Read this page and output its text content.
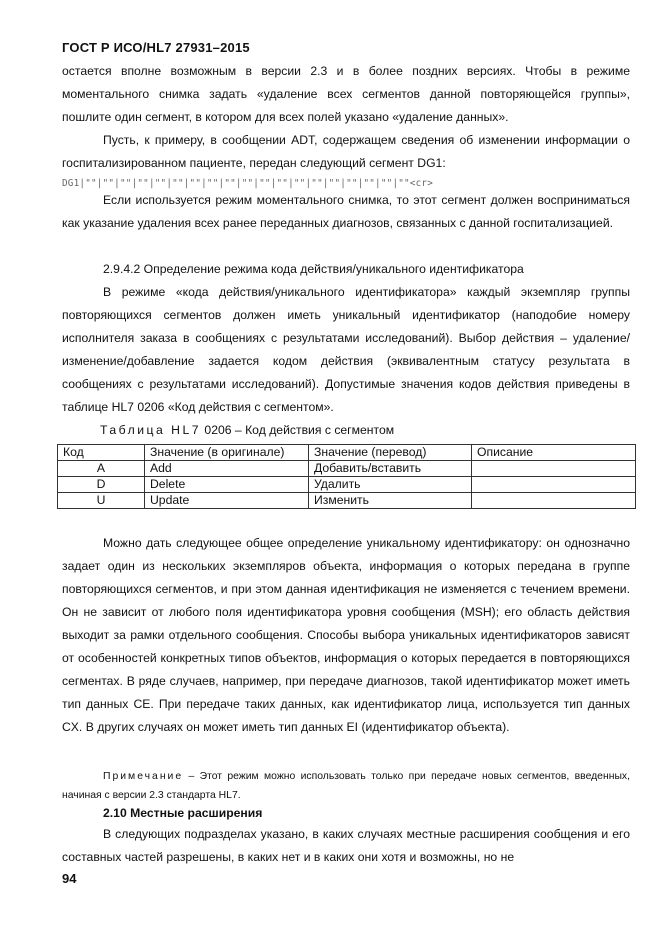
ГОСТ Р ИСО/HL7 27931–2015
остается вполне возможным в версии 2.3 и в более поздних версиях. Чтобы в режиме моментального снимка задать «удаление всех сегментов данной повторяющейся группы», пошлите один сегмент, в котором для всех полей указано «удаление данных».
Пусть, к примеру, в сообщении ADT, содержащем сведения об изменении информации о госпитализированном пациенте, передан следующий сегмент DG1:
DG1|""|""|""|""|""|""|""|""|""|""|""|""|""|""|""|""|""|""|""<cr>
Если используется режим моментального снимка, то этот сегмент должен восприниматься как указание удаления всех ранее переданных диагнозов, связанных с данной госпитализацией.
2.9.4.2 Определение режима кода действия/уникального идентификатора
В режиме «кода действия/уникального идентификатора» каждый экземпляр группы повторяющихся сегментов должен иметь уникальный идентификатор (наподобие номеру исполнителя заказа в сообщениях с результатами исследований). Выбор действия – удаление/изменение/добавление задается кодом действия (эквивалентным статусу результата в сообщениях с результатами исследований). Допустимые значения кодов действия приведены в таблице HL7 0206 «Код действия с сегментом».
Таблица HL7 0206 – Код действия с сегментом
Код	Значение (в оригинале)	Значение (перевод)	Описание
A	Add	Добавить/вставить	
D	Delete	Удалить	
U	Update	Изменить	
Можно дать следующее общее определение уникальному идентификатору: он однозначно задает один из нескольких экземпляров объекта, информация о которых передана в группе повторяющихся сегментов, и при этом данная идентификация не изменяется с течением времени. Он не зависит от любого поля идентификатора уровня сообщения (MSH); его область действия выходит за рамки отдельного сообщения. Способы выбора уникальных идентификаторов зависят от особенностей конкретных типов объектов, информация о которых передается в повторяющихся сегментах. В ряде случаев, например, при передаче диагнозов, такой идентификатор может иметь тип данных CE. При передаче таких данных, как идентификатор лица, используется тип данных CX. В других случаях он может иметь тип данных EI (идентификатор объекта).
Примечание – Этот режим можно использовать только при передаче новых сегментов, введенных, начиная с версии 2.3 стандарта HL7.
2.10 Местные расширения
В следующих подразделах указано, в каких случаях местные расширения сообщения и его составных частей разрешены, в каких нет и в каких они хотя и возможны, но не
94
